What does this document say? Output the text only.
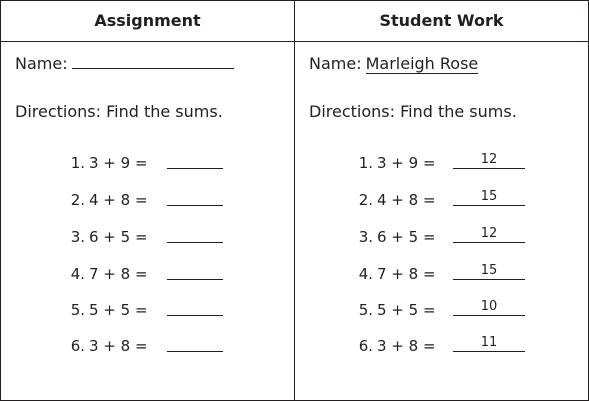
Assignment	Student Work
Name:
Directions: Find the sums.
1. 3 + 9 =
2. 4 + 8 =
3. 6 + 5 =
4. 7 + 8 =
5. 5 + 5 =
6. 3 + 8 =
Name: Marleigh Rose
Directions: Find the sums.
1. 3 + 9 =	12
2. 4 + 8 =	15
3. 6 + 5 =	12
4. 7 + 8 =	15
5. 5 + 5 =	10
6. 3 + 8 =	11
